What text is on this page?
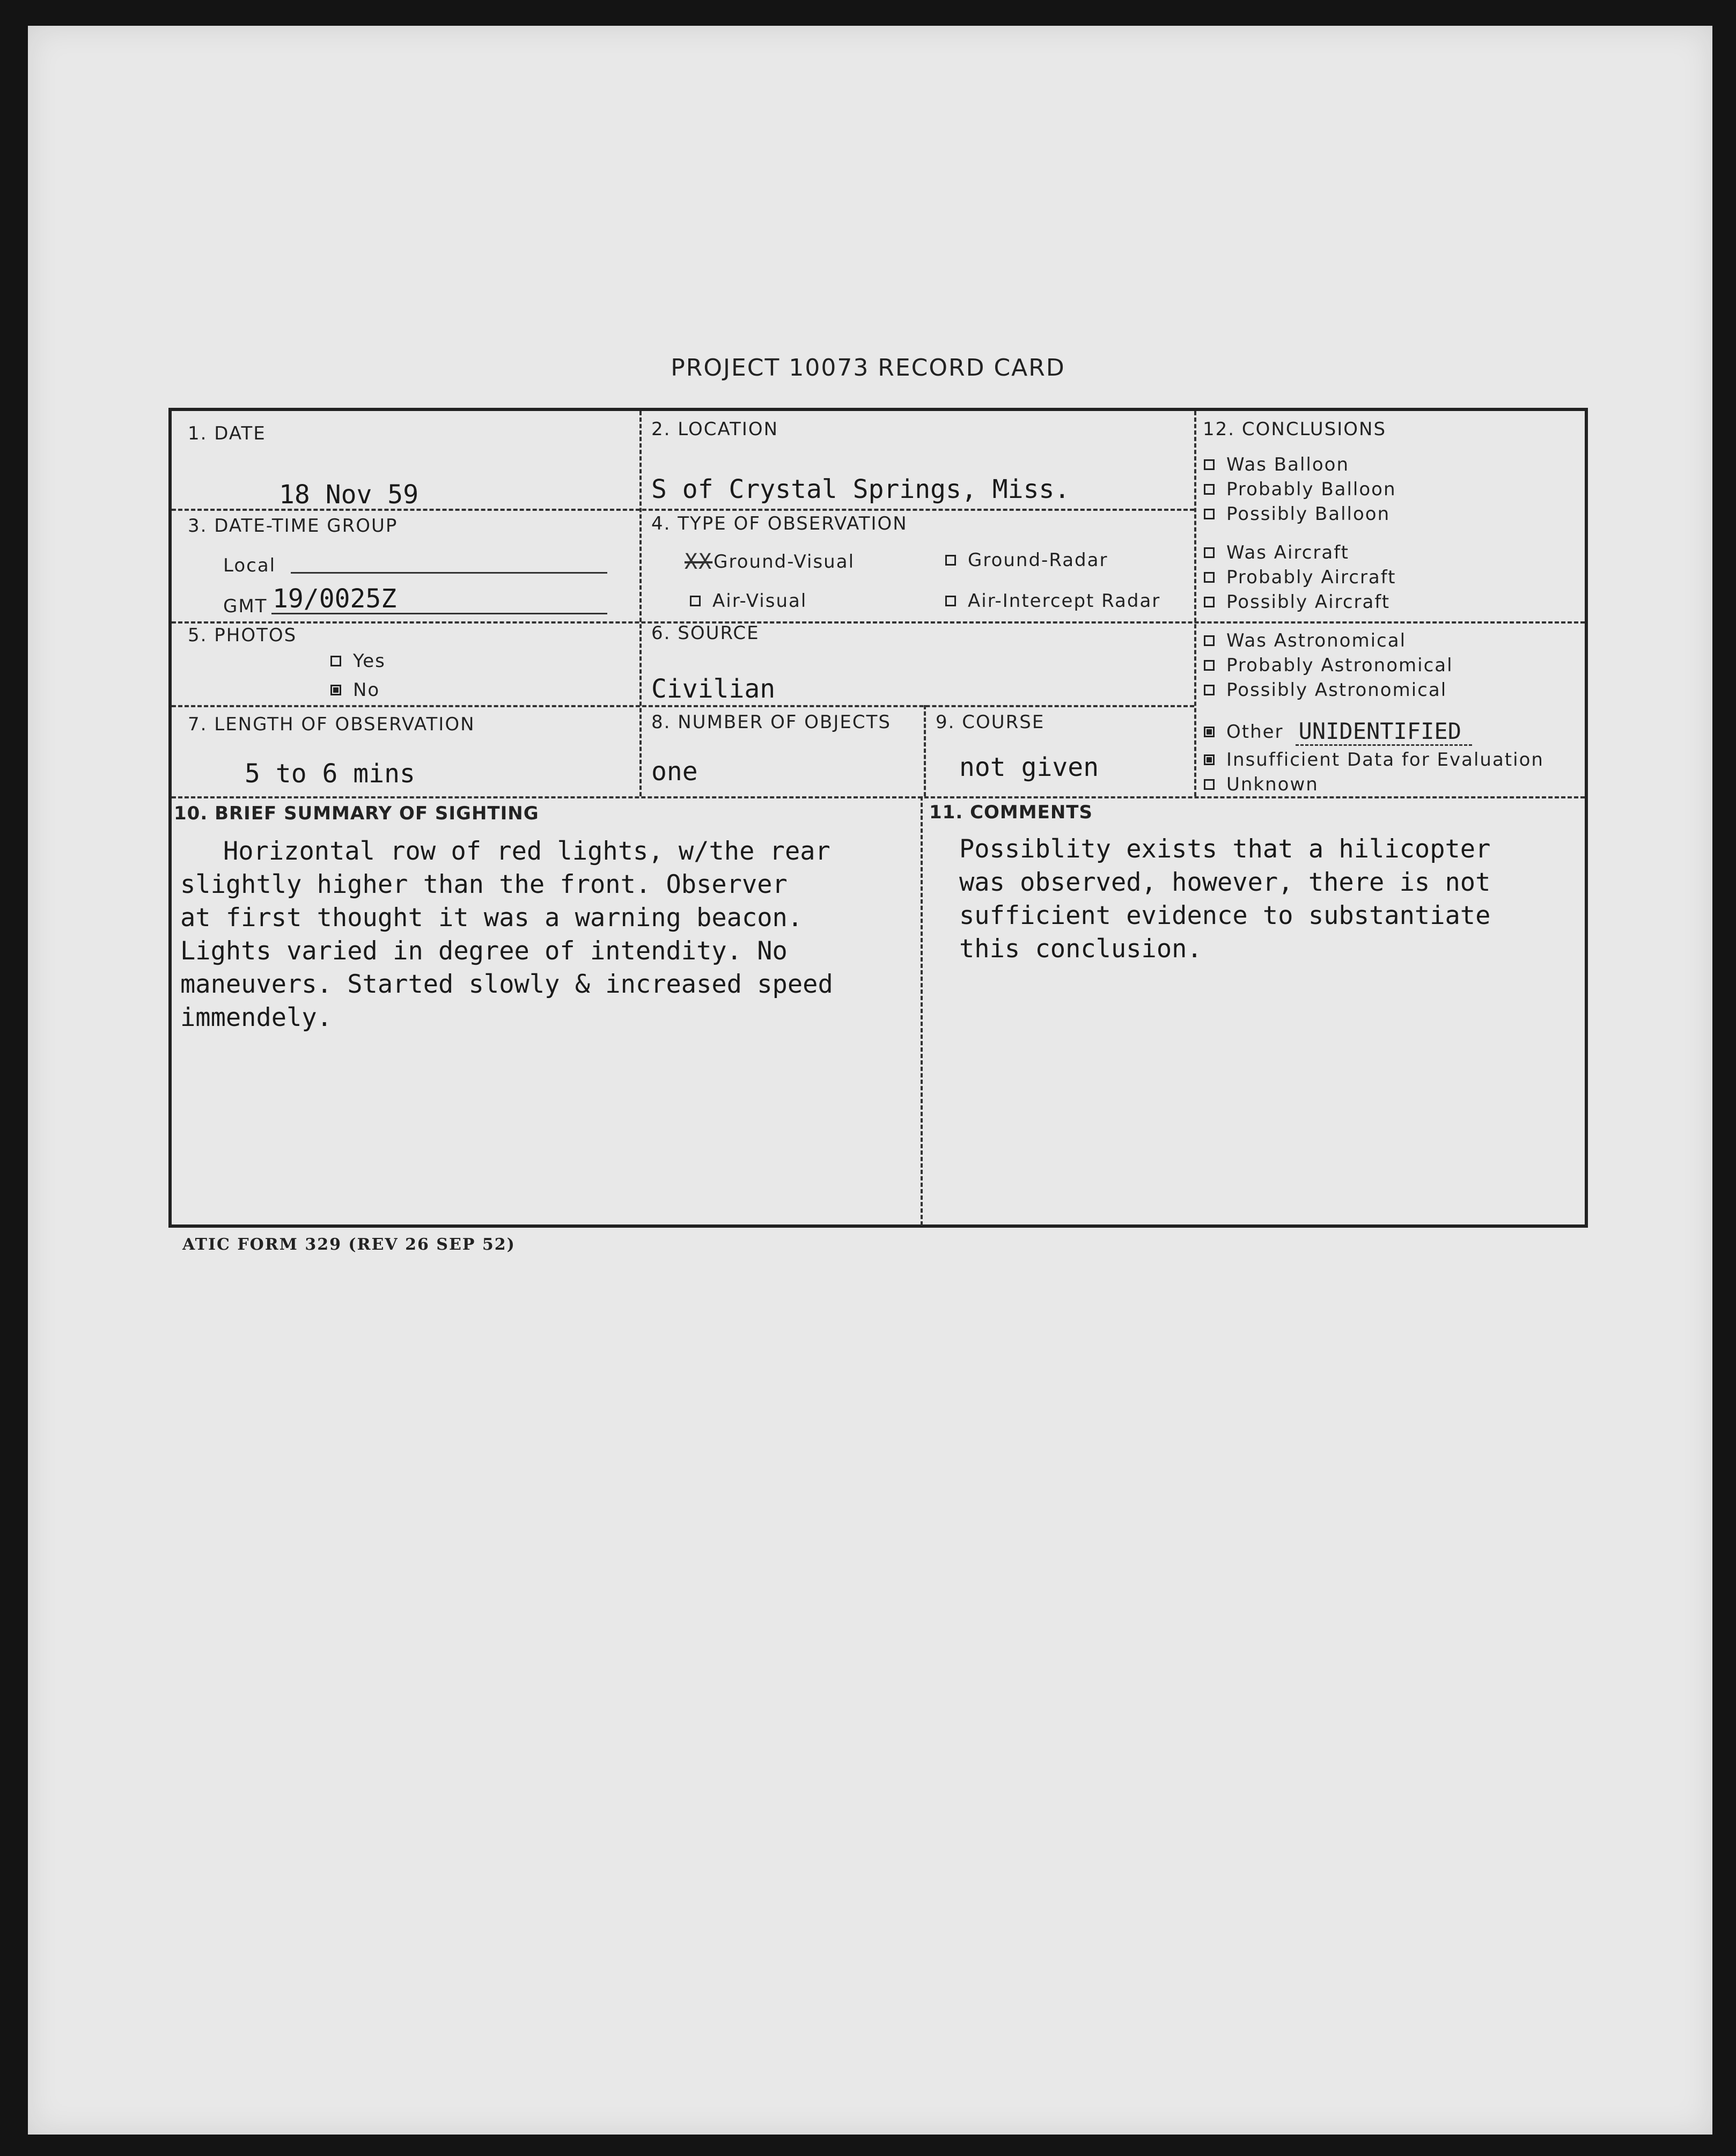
PROJECT 10073 RECORD CARD
1. DATE
18 Nov 59
2. LOCATION
S of Crystal Springs, Miss.
3. DATE-TIME GROUP
Local
GMT 19/0025Z
4. TYPE OF OBSERVATION
XX Ground-Visual	Ground-Radar
Air-Visual	Air-Intercept Radar
5. PHOTOS
Yes
No
6. SOURCE
Civilian
7. LENGTH OF OBSERVATION
5 to 6 mins
8. NUMBER OF OBJECTS
one
9. COURSE
not given
10. BRIEF SUMMARY OF SIGHTING
Horizontal row of red lights, w/the rear
slightly higher than the front. Observer
at first thought it was a warning beacon.
Lights varied in degree of intendity. No
maneuvers. Started slowly & increased speed
immendely.
11. COMMENTS
Possiblity exists that a hilicopter
was observed, however, there is not
sufficient evidence to substantiate
this conclusion.
12. CONCLUSIONS
Was Balloon
Probably Balloon
Possibly Balloon
Was Aircraft
Probably Aircraft
Possibly Aircraft
Was Astronomical
Probably Astronomical
Possibly Astronomical
Other UNIDENTIFIED
Insufficient Data for Evaluation
Unknown
ATIC FORM 329 (REV 26 SEP 52)
